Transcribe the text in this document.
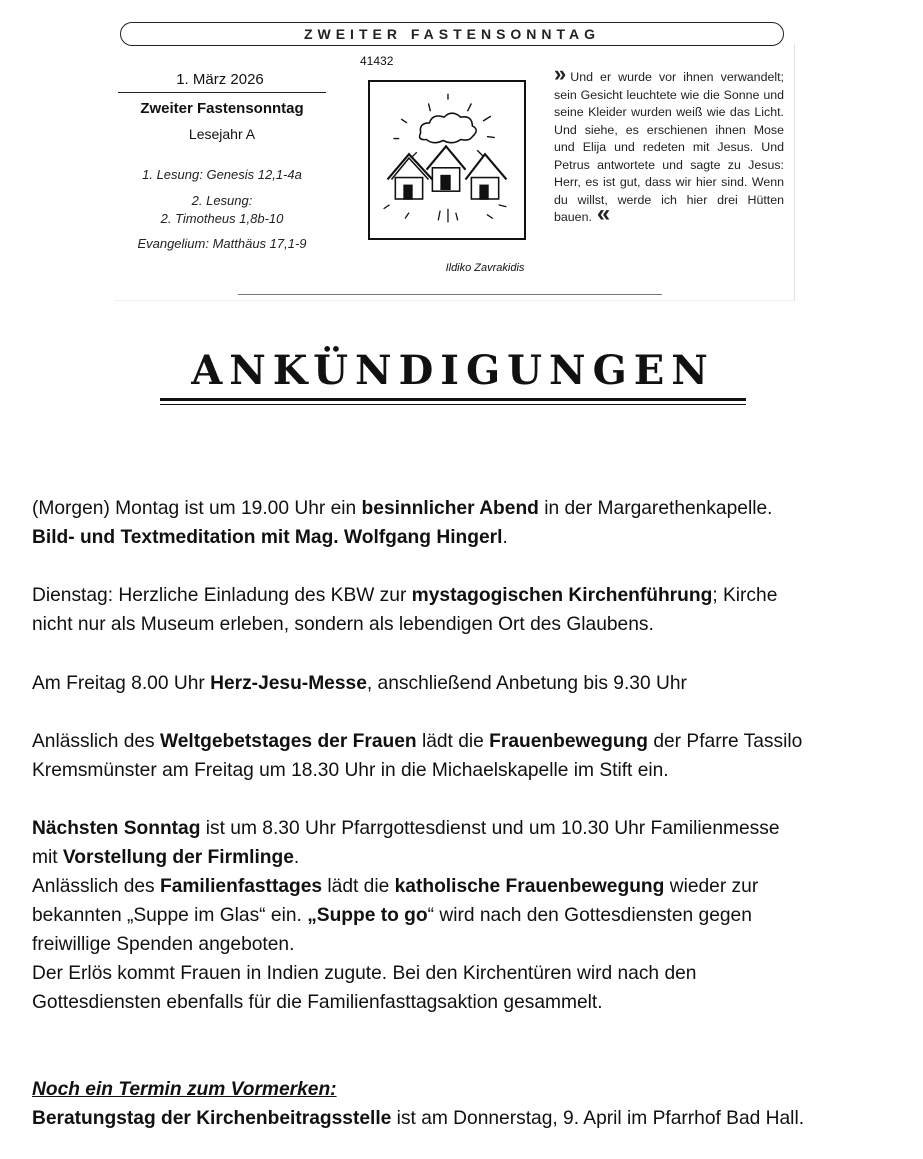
ZWEITER FASTENSONNTAG
1. März 2026
Zweiter Fastensonntag
Lesejahr A
1. Lesung: Genesis 12,1-4a
2. Lesung:
2. Timotheus 1,8b-10
Evangelium: Matthäus 17,1-9
41432
Ildiko Zavrakidis
» Und er wurde vor ihnen verwandelt; sein Gesicht leuchtete wie die Sonne und seine Kleider wurden weiß wie das Licht. Und siehe, es erschienen ihnen Mose und Elija und redeten mit Jesus. Und Petrus antwortete und sagte zu Jesus: Herr, es ist gut, dass wir hier sind. Wenn du willst, werde ich hier drei Hütten bauen. «
ANKÜNDIGUNGEN
(Morgen) Montag ist um 19.00 Uhr ein besinnlicher Abend in der Margarethenkapelle.
Bild- und Textmeditation mit Mag. Wolfgang Hingerl.
Dienstag: Herzliche Einladung des KBW zur mystagogischen Kirchenführung; Kirche
nicht nur als Museum erleben, sondern als lebendigen Ort des Glaubens.
Am Freitag 8.00 Uhr Herz-Jesu-Messe, anschließend Anbetung bis 9.30 Uhr
Anlässlich des Weltgebetstages der Frauen lädt die Frauenbewegung der Pfarre Tassilo
Kremsmünster am Freitag um 18.30 Uhr in die Michaelskapelle im Stift ein.
Nächsten Sonntag ist um 8.30 Uhr Pfarrgottesdienst und um 10.30 Uhr Familienmesse
mit Vorstellung der Firmlinge.
Anlässlich des Familienfasttages lädt die katholische Frauenbewegung wieder zur
bekannten „Suppe im Glas“ ein. „Suppe to go“ wird nach den Gottesdiensten gegen
freiwillige Spenden angeboten.
Der Erlös kommt Frauen in Indien zugute. Bei den Kirchentüren wird nach den
Gottesdiensten ebenfalls für die Familienfasttagsaktion gesammelt.
Noch ein Termin zum Vormerken:
Beratungstag der Kirchenbeitragsstelle ist am Donnerstag, 9. April im Pfarrhof Bad Hall.
